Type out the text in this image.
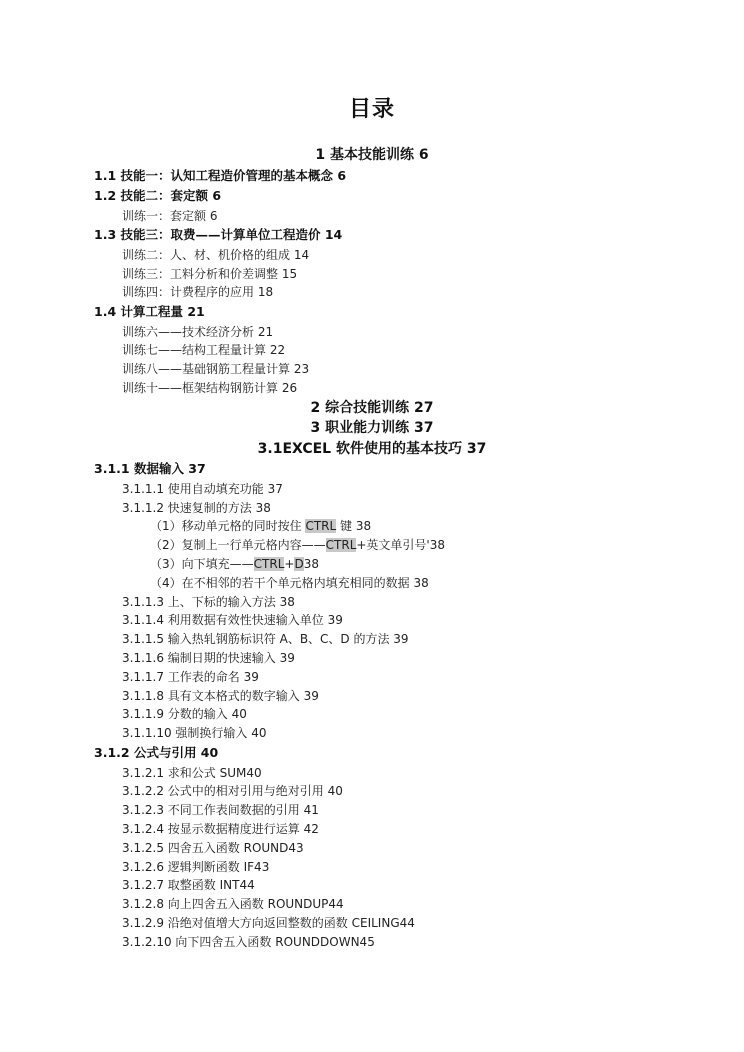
目录
1 基本技能训练 6
1.1 技能一：认知工程造价管理的基本概念 6
1.2 技能二：套定额 6
训练一：套定额 6
1.3 技能三：取费——计算单位工程造价 14
训练二：人、材、机价格的组成 14
训练三：工料分析和价差调整 15
训练四：计费程序的应用 18
1.4 计算工程量 21
训练六——技术经济分析 21
训练七——结构工程量计算 22
训练八——基础钢筋工程量计算 23
训练十——框架结构钢筋计算 26
2 综合技能训练 27
3 职业能力训练 37
3.1EXCEL 软件使用的基本技巧 37
3.1.1 数据输入 37
3.1.1.1 使用自动填充功能 37
3.1.1.2 快速复制的方法 38
（1）移动单元格的同时按住 CTRL 键 38
（2）复制上一行单元格内容——CTRL+英文单引号'38
（3）向下填充——CTRL+D38
（4）在不相邻的若干个单元格内填充相同的数据 38
3.1.1.3 上、下标的输入方法 38
3.1.1.4 利用数据有效性快速输入单位 39
3.1.1.5 输入热轧钢筋标识符 A、B、C、D 的方法 39
3.1.1.6 编制日期的快速输入 39
3.1.1.7 工作表的命名 39
3.1.1.8 具有文本格式的数字输入 39
3.1.1.9 分数的输入 40
3.1.1.10 强制换行输入 40
3.1.2 公式与引用 40
3.1.2.1 求和公式 SUM40
3.1.2.2 公式中的相对引用与绝对引用 40
3.1.2.3 不同工作表间数据的引用 41
3.1.2.4 按显示数据精度进行运算 42
3.1.2.5 四舍五入函数 ROUND43
3.1.2.6 逻辑判断函数 IF43
3.1.2.7 取整函数 INT44
3.1.2.8 向上四舍五入函数 ROUNDUP44
3.1.2.9 沿绝对值增大方向返回整数的函数 CEILING44
3.1.2.10 向下四舍五入函数 ROUNDDOWN45
